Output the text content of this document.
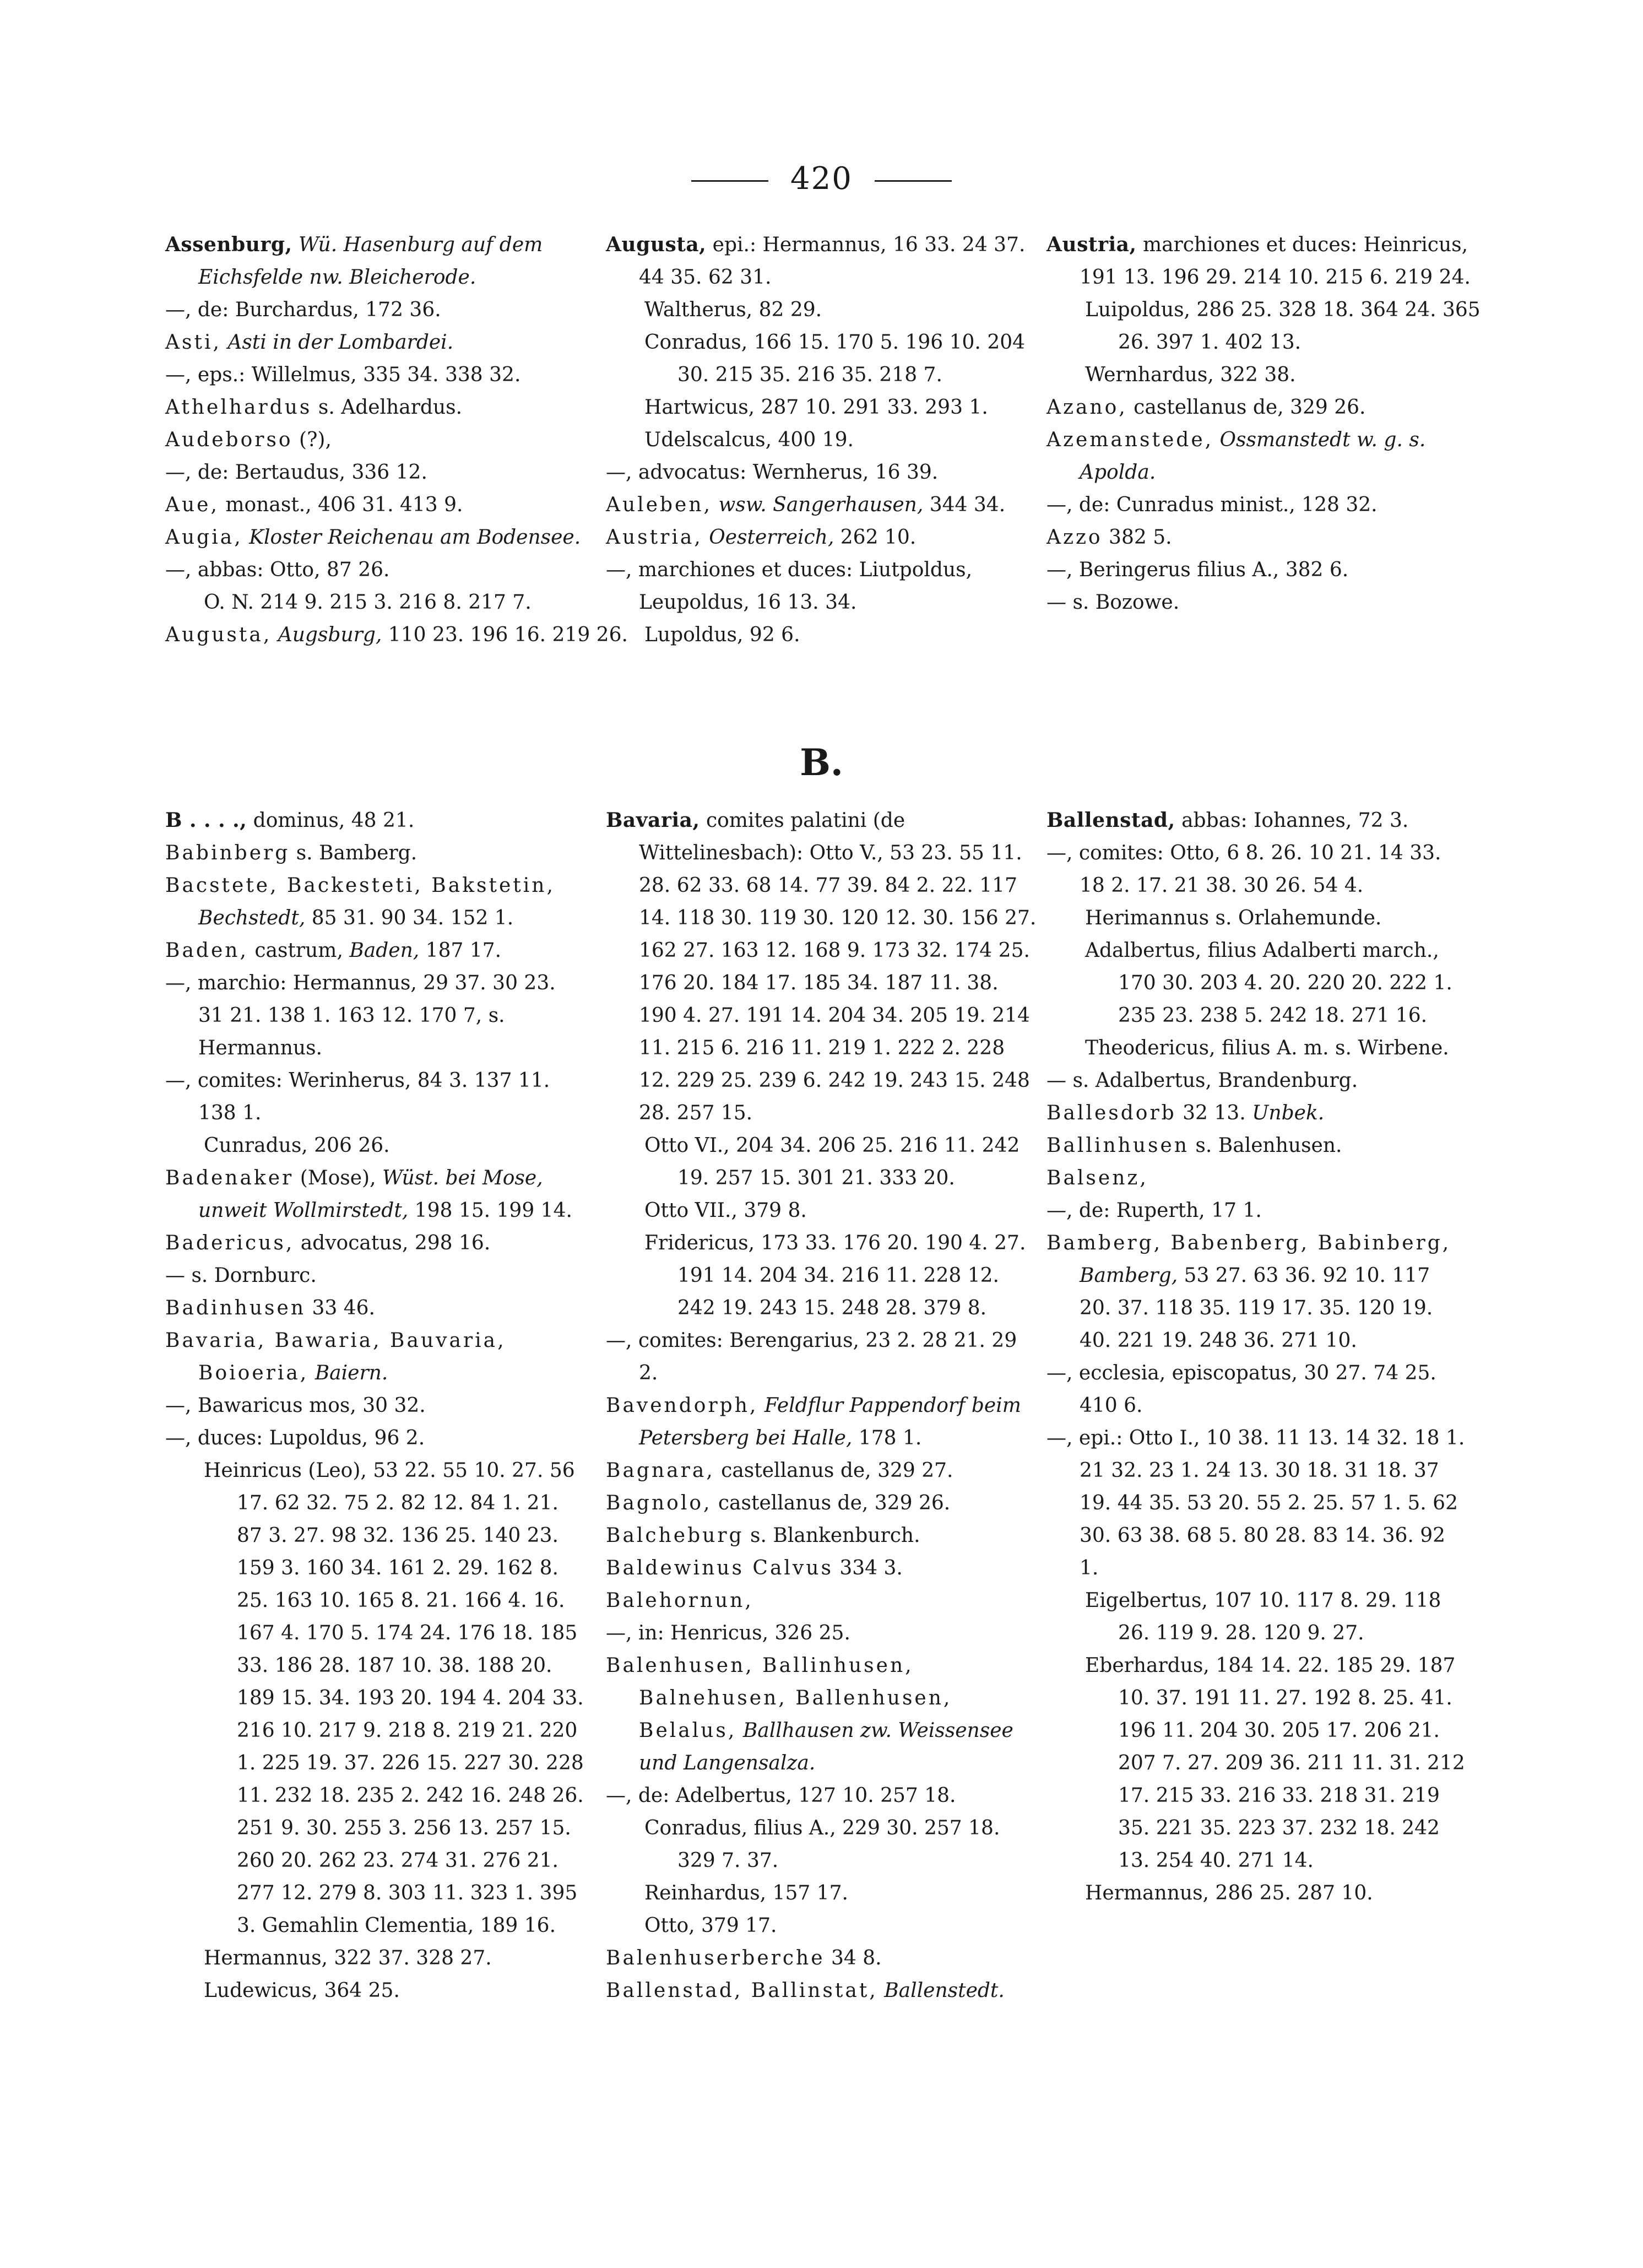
420

Assenburg, Wü. Hasenburg auf dem Eichsfelde nw. Bleicherode.

—, de: Burchardus, 172 36.

Asti, Asti in der Lombardei.

—, eps.: Willelmus, 335 34. 338 32.

Athelhardus s. Adelhardus.

Audeborso (?),

—, de: Bertaudus, 336 12.

Aue, monast., 406 31. 413 9.

Augia, Kloster Reichenau am Bodensee.

—, abbas: Otto, 87 26.

O. N. 214 9. 215 3. 216 8. 217 7.

Augusta, Augsburg, 110 23. 196 16. 219 26.

Augusta, epi.: Hermannus, 16 33. 24 37. 44 35. 62 31.

Waltherus, 82 29.

Conradus, 166 15. 170 5. 196 10. 204 30. 215 35. 216 35. 218 7.

Hartwicus, 287 10. 291 33. 293 1.

Udelscalcus, 400 19.

—, advocatus: Wernherus, 16 39.

Auleben, wsw. Sangerhausen, 344 34.

Austria, Oesterreich, 262 10.

—, marchiones et duces: Liutpoldus, Leupoldus, 16 13. 34.

Lupoldus, 92 6.

Austria, marchiones et duces: Heinricus, 191 13. 196 29. 214 10. 215 6. 219 24.

Luipoldus, 286 25. 328 18. 364 24. 365 26. 397 1. 402 13.

Wernhardus, 322 38.

Azano, castellanus de, 329 26.

Azemanstede, Ossmanstedt w. g. s. Apolda.

—, de: Cunradus minist., 128 32.

Azzo 382 5.

—, Beringerus filius A., 382 6.

— s. Bozowe.

B.

B . . . ., dominus, 48 21.

Babinberg s. Bamberg.

Bacstete, Backesteti, Bakstetin, Bechstedt, 85 31. 90 34. 152 1.

Baden, castrum, Baden, 187 17.

—, marchio: Hermannus, 29 37. 30 23. 31 21. 138 1. 163 12. 170 7, s. Hermannus.

—, comites: Werinherus, 84 3. 137 11. 138 1.

Cunradus, 206 26.

Badenaker (Mose), Wüst. bei Mose, unweit Wollmirstedt, 198 15. 199 14.

Badericus, advocatus, 298 16.

— s. Dornburc.

Badinhusen 33 46.

Bavaria, Bawaria, Bauvaria, Boioeria, Baiern.

—, Bawaricus mos, 30 32.

—, duces: Lupoldus, 96 2.

Heinricus (Leo), 53 22. 55 10. 27. 56 17. 62 32. 75 2. 82 12. 84 1. 21. 87 3. 27. 98 32. 136 25. 140 23. 159 3. 160 34. 161 2. 29. 162 8. 25. 163 10. 165 8. 21. 166 4. 16. 167 4. 170 5. 174 24. 176 18. 185 33. 186 28. 187 10. 38. 188 20. 189 15. 34. 193 20. 194 4. 204 33. 216 10. 217 9. 218 8. 219 21. 220 1. 225 19. 37. 226 15. 227 30. 228 11. 232 18. 235 2. 242 16. 248 26. 251 9. 30. 255 3. 256 13. 257 15. 260 20. 262 23. 274 31. 276 21. 277 12. 279 8. 303 11. 323 1. 395 3. Gemahlin Clementia, 189 16.

Hermannus, 322 37. 328 27.

Ludewicus, 364 25.

Bavaria, comites palatini (de Wittelinesbach): Otto V., 53 23. 55 11. 28. 62 33. 68 14. 77 39. 84 2. 22. 117 14. 118 30. 119 30. 120 12. 30. 156 27. 162 27. 163 12. 168 9. 173 32. 174 25. 176 20. 184 17. 185 34. 187 11. 38. 190 4. 27. 191 14. 204 34. 205 19. 214 11. 215 6. 216 11. 219 1. 222 2. 228 12. 229 25. 239 6. 242 19. 243 15. 248 28. 257 15.

Otto VI., 204 34. 206 25. 216 11. 242 19. 257 15. 301 21. 333 20.

Otto VII., 379 8.

Fridericus, 173 33. 176 20. 190 4. 27. 191 14. 204 34. 216 11. 228 12. 242 19. 243 15. 248 28. 379 8.

—, comites: Berengarius, 23 2. 28 21. 29 2.

Bavendorph, Feldflur Pappendorf beim Petersberg bei Halle, 178 1.

Bagnara, castellanus de, 329 27.

Bagnolo, castellanus de, 329 26.

Balcheburg s. Blankenburch.

Baldewinus Calvus 334 3.

Balehornun,

—, in: Henricus, 326 25.

Balenhusen, Ballinhusen, Balnehusen, Ballenhusen, Belalus, Ballhausen zw. Weissensee und Langensalza.

—, de: Adelbertus, 127 10. 257 18.

Conradus, filius A., 229 30. 257 18. 329 7. 37.

Reinhardus, 157 17.

Otto, 379 17.

Balenhuserberche 34 8.

Ballenstad, Ballinstat, Ballenstedt.

Ballenstad, abbas: Iohannes, 72 3.

—, comites: Otto, 6 8. 26. 10 21. 14 33. 18 2. 17. 21 38. 30 26. 54 4.

Herimannus s. Orlahemunde.

Adalbertus, filius Adalberti march., 170 30. 203 4. 20. 220 20. 222 1. 235 23. 238 5. 242 18. 271 16.

Theodericus, filius A. m. s. Wirbene.

— s. Adalbertus, Brandenburg.

Ballesdorb 32 13. Unbek.

Ballinhusen s. Balenhusen.

Balsenz,

—, de: Ruperth, 17 1.

Bamberg, Babenberg, Babinberg, Bamberg, 53 27. 63 36. 92 10. 117 20. 37. 118 35. 119 17. 35. 120 19. 40. 221 19. 248 36. 271 10.

—, ecclesia, episcopatus, 30 27. 74 25. 410 6.

—, epi.: Otto I., 10 38. 11 13. 14 32. 18 1. 21 32. 23 1. 24 13. 30 18. 31 18. 37 19. 44 35. 53 20. 55 2. 25. 57 1. 5. 62 30. 63 38. 68 5. 80 28. 83 14. 36. 92 1.

Eigelbertus, 107 10. 117 8. 29. 118 26. 119 9. 28. 120 9. 27.

Eberhardus, 184 14. 22. 185 29. 187 10. 37. 191 11. 27. 192 8. 25. 41. 196 11. 204 30. 205 17. 206 21. 207 7. 27. 209 36. 211 11. 31. 212 17. 215 33. 216 33. 218 31. 219 35. 221 35. 223 37. 232 18. 242 13. 254 40. 271 14.

Hermannus, 286 25. 287 10.
